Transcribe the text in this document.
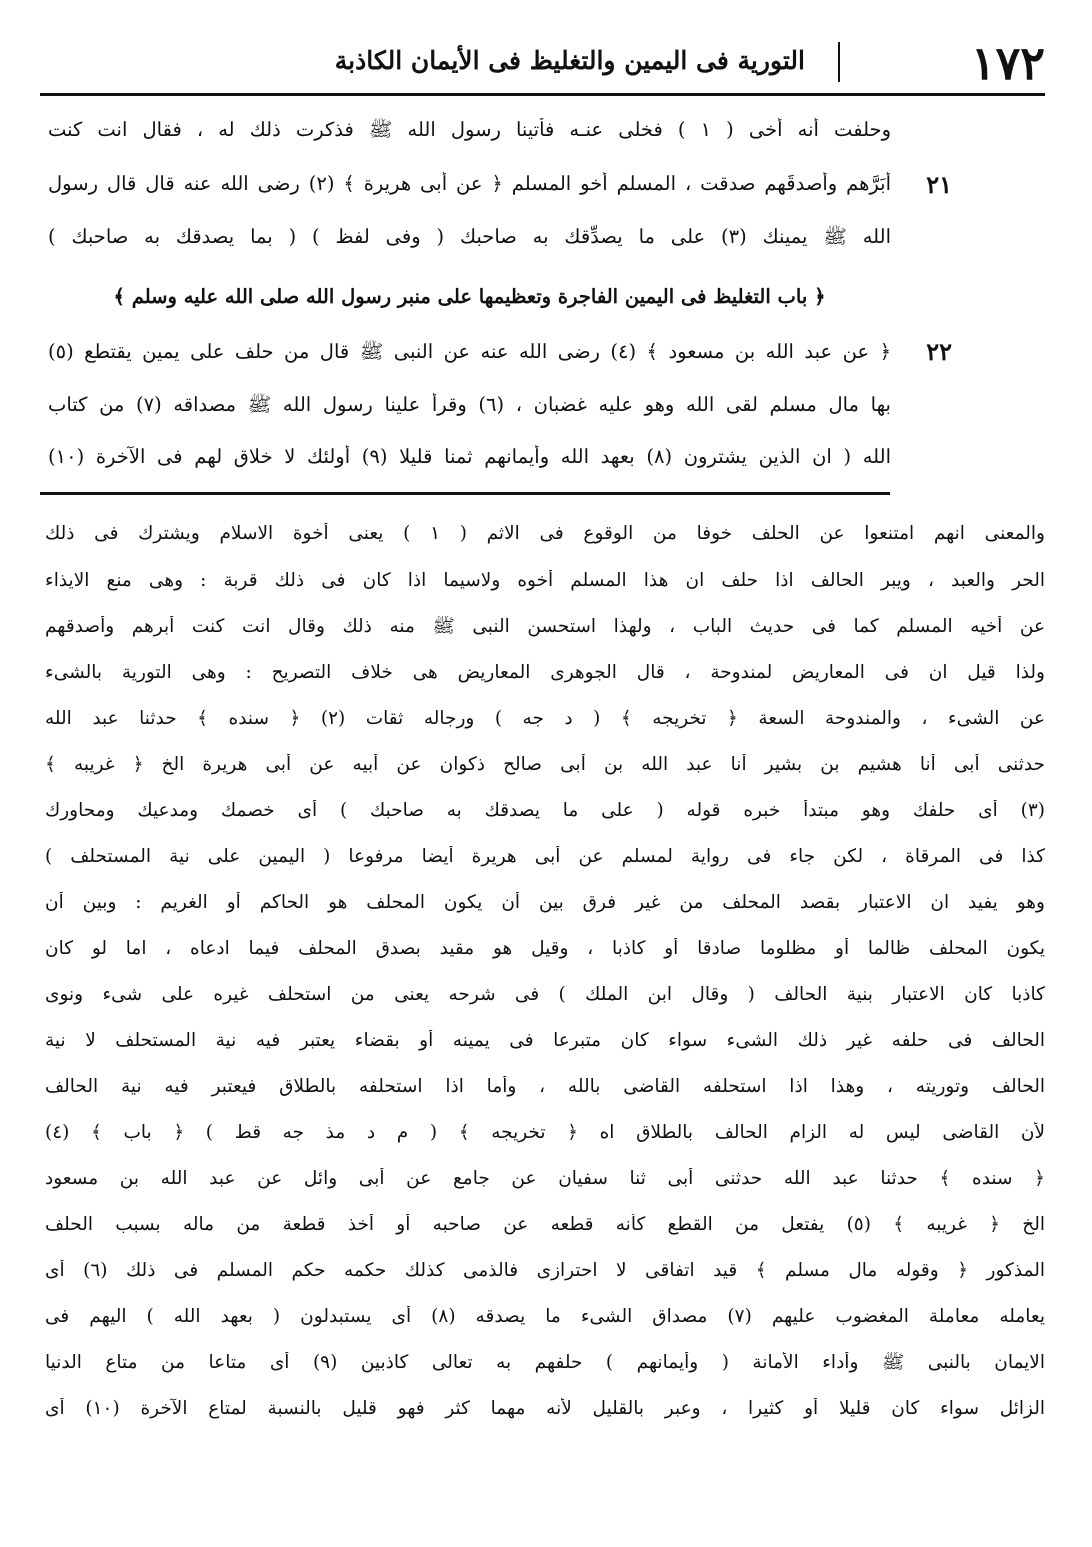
١٧٢
التورية فى اليمين والتغليظ فى الأيمان الكاذبة
وحلفت أنه أخى ( ١ ) فخلى عنـه فأتينا رسول الله ﷺ فذكرت ذلك له ، فقال انت كنت
أبَرَّهم وأصدقَهم صدقت ، المسلم أخو المسلم ﴿ عن أبى هريرة ﴾ (٢) رضى الله عنه قال قال رسول
الله ﷺ يمينك (٣) على ما يصدِّقك به صاحبك ( وفى لفظ ) ( بما يصدقك به صاحبك )
﴿ باب التغليظ فى اليمين الفاجرة وتعظيمها على منبر رسول الله صلى الله عليه وسلم ﴾
﴿ عن عبد الله بن مسعود ﴾ (٤) رضى الله عنه عن النبى ﷺ قال من حلف على يمين يقتطع (٥)
بها مال مسلم لقى الله وهو عليه غضبان ، (٦) وقرأ علينا رسول الله ﷺ مصداقه (٧) من كتاب
الله ( ان الذين يشترون (٨) بعهد الله وأيمانهم ثمنا قليلا (٩) أولئك لا خلاق لهم فى الآخرة (١٠)
٢١
٢٢
والمعنى انهم امتنعوا عن الحلف خوفا من الوقوع فى الاثم ( ١ ) يعنى أخوة الاسلام ويشترك فى ذلك
الحر والعبد ، ويبر الحالف اذا حلف ان هذا المسلم أخوه ولاسيما اذا كان فى ذلك قربة : وهى منع الايذاء
عن أخيه المسلم كما فى حديث الباب ، ولهذا استحسن النبى ﷺ منه ذلك وقال انت كنت أبرهم وأصدقهم
ولذا قيل ان فى المعاريض لمندوحة ، قال الجوهرى المعاريض هى خلاف التصريح : وهى التورية بالشىء
عن الشىء ، والمندوحة السعة ﴿ تخريجه ﴾ ( د جه ) ورجاله ثقات (٢) ﴿ سنده ﴾ حدثنا عبد الله
حدثنى أبى أنا هشيم بن بشير أنا عبد الله بن أبى صالح ذكوان عن أبيه عن أبى هريرة الخ ﴿ غريبه ﴾
(٣) أى حلفك وهو مبتدأ خبره قوله ( على ما يصدقك به صاحبك ) أى خصمك ومدعيك ومحاورك
كذا فى المرقاة ، لكن جاء فى رواية لمسلم عن أبى هريرة أيضا مرفوعا ( اليمين على نية المستحلف )
وهو يفيد ان الاعتبار بقصد المحلف من غير فرق بين أن يكون المحلف هو الحاكم أو الغريم : وبين أن
يكون المحلف ظالما أو مظلوما صادقا أو كاذبا ، وقيل هو مقيد بصدق المحلف فيما ادعاه ، اما لو كان
كاذبا كان الاعتبار بنية الحالف ( وقال ابن الملك ) فى شرحه يعنى من استحلف غيره على شىء ونوى
الحالف فى حلفه غير ذلك الشىء سواء كان متبرعا فى يمينه أو بقضاء يعتبر فيه نية المستحلف لا نية
الحالف وتوريته ، وهذا اذا استحلفه القاضى بالله ، وأما اذا استحلفه بالطلاق فيعتبر فيه نية الحالف
لأن القاضى ليس له الزام الحالف بالطلاق اه ﴿ تخريجه ﴾ ( م د مذ جه قط ) ﴿ باب ﴾ (٤)
﴿ سنده ﴾ حدثنا عبد الله حدثنى أبى ثنا سفيان عن جامع عن أبى وائل عن عبد الله بن مسعود
الخ ﴿ غريبه ﴾ (٥) يفتعل من القطع كأنه قطعه عن صاحبه أو أخذ قطعة من ماله بسبب الحلف
المذكور ﴿ وقوله مال مسلم ﴾ قيد اتفاقى لا احترازى فالذمى كذلك حكمه حكم المسلم فى ذلك (٦) أى
يعامله معاملة المغضوب عليهم (٧) مصداق الشىء ما يصدقه (٨) أى يستبدلون ( بعهد الله ) اليهم فى
الايمان بالنبى ﷺ وأداء الأمانة ( وأيمانهم ) حلفهم به تعالى كاذبين (٩) أى متاعا من متاع الدنيا
الزائل سواء كان قليلا أو كثيرا ، وعبر بالقليل لأنه مهما كثر فهو قليل بالنسبة لمتاع الآخرة (١٠) أى
